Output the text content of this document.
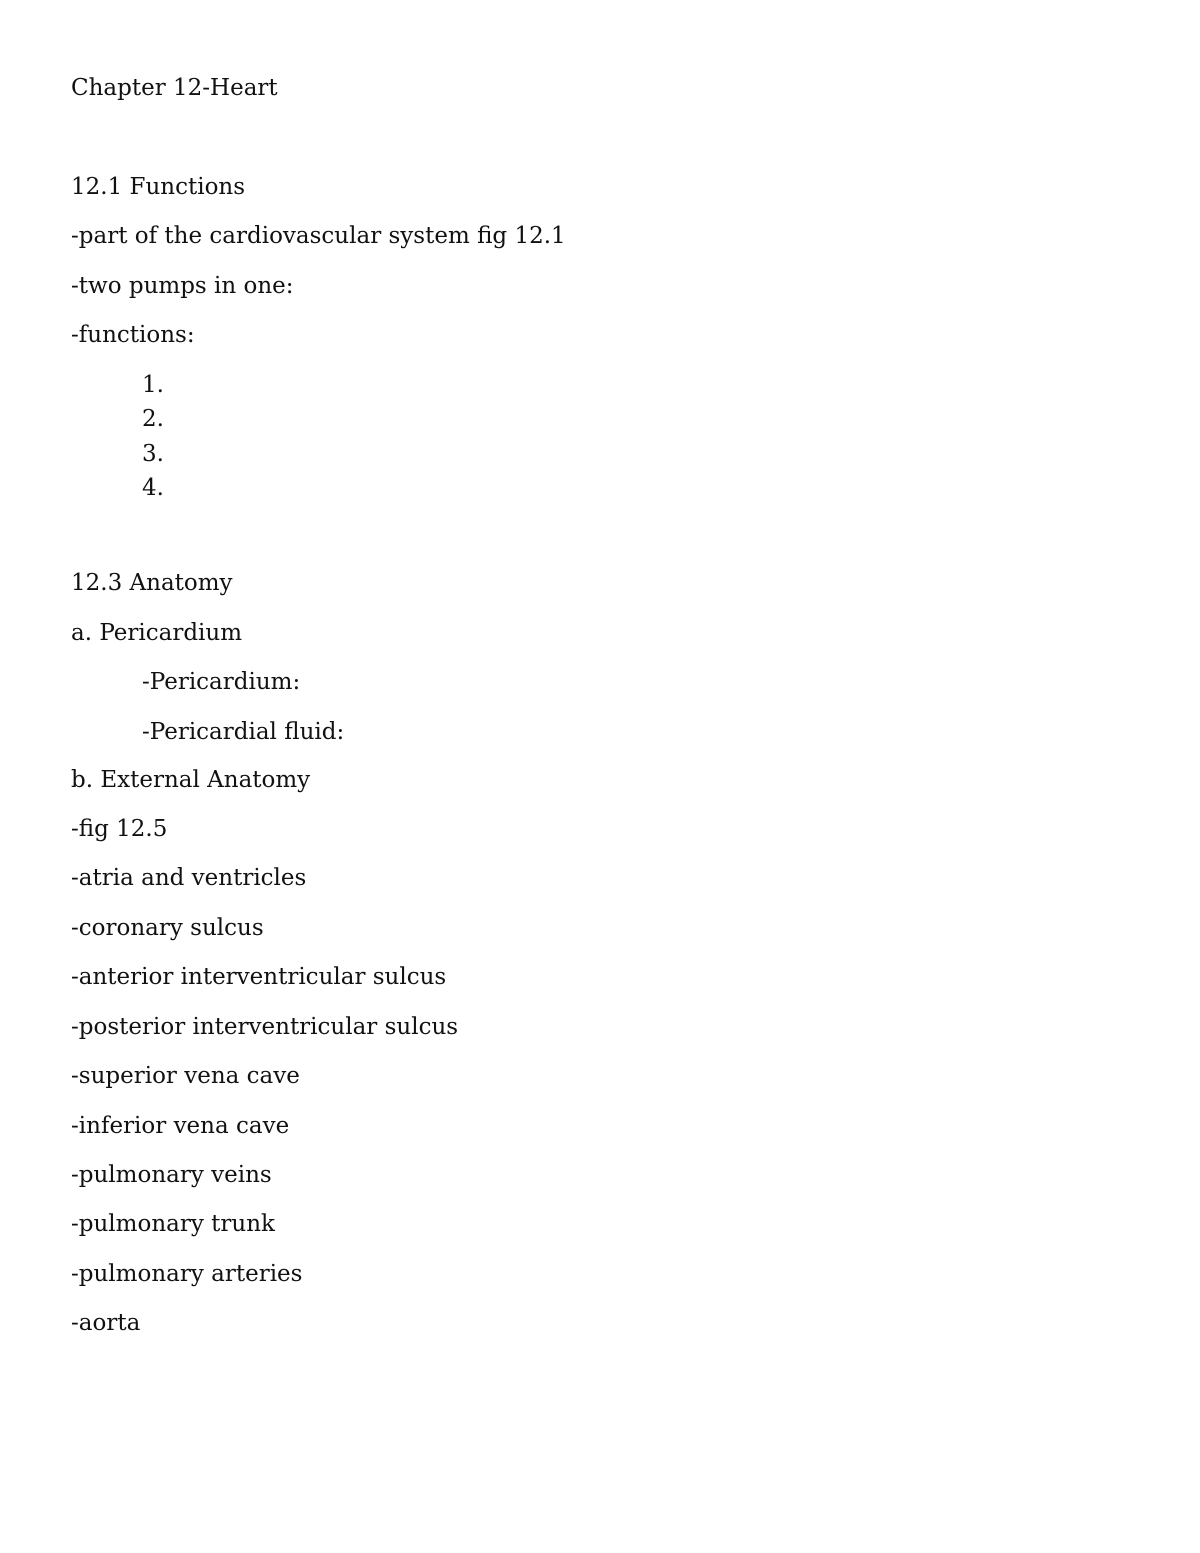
Chapter 12-Heart
12.1 Functions
-part of the cardiovascular system fig 12.1
-two pumps in one:
-functions:
1.
2.
3.
4.
12.3 Anatomy
a. Pericardium
-Pericardium:
-Pericardial fluid:
b. External Anatomy
-fig 12.5
-atria and ventricles
-coronary sulcus
-anterior interventricular sulcus
-posterior interventricular sulcus
-superior vena cave
-inferior vena cave
-pulmonary veins
-pulmonary trunk
-pulmonary arteries
-aorta
